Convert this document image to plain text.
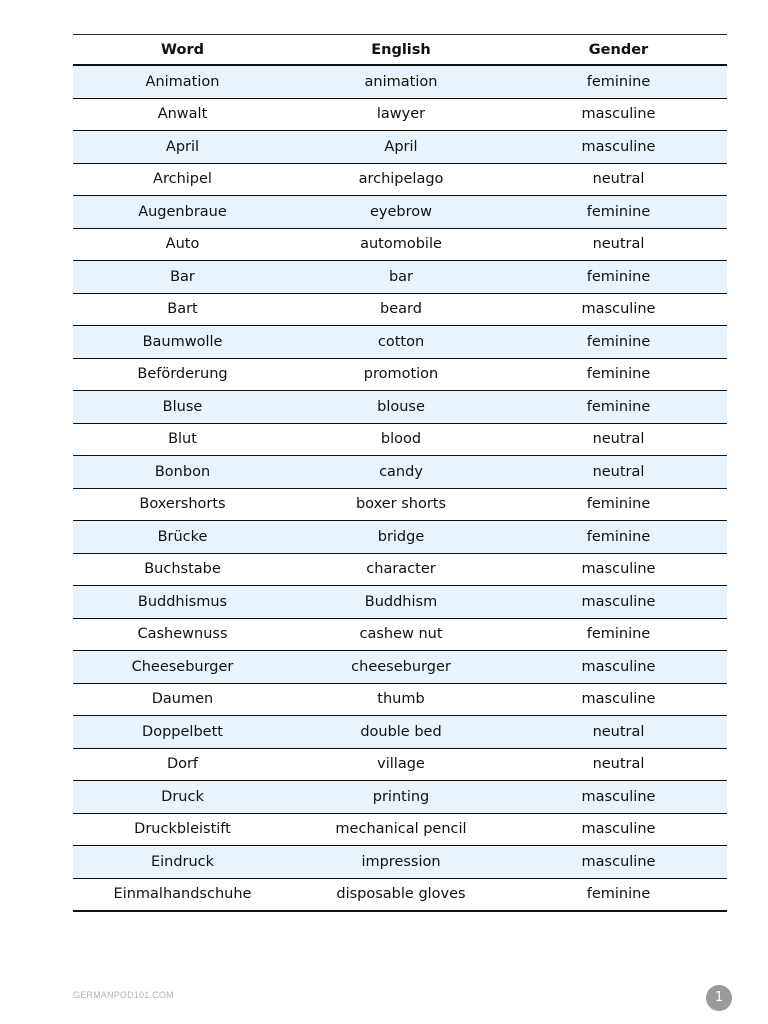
Word	English	Gender
Animation	animation	feminine
Anwalt	lawyer	masculine
April	April	masculine
Archipel	archipelago	neutral
Augenbraue	eyebrow	feminine
Auto	automobile	neutral
Bar	bar	feminine
Bart	beard	masculine
Baumwolle	cotton	feminine
Beförderung	promotion	feminine
Bluse	blouse	feminine
Blut	blood	neutral
Bonbon	candy	neutral
Boxershorts	boxer shorts	feminine
Brücke	bridge	feminine
Buchstabe	character	masculine
Buddhismus	Buddhism	masculine
Cashewnuss	cashew nut	feminine
Cheeseburger	cheeseburger	masculine
Daumen	thumb	masculine
Doppelbett	double bed	neutral
Dorf	village	neutral
Druck	printing	masculine
Druckbleistift	mechanical pencil	masculine
Eindruck	impression	masculine
Einmalhandschuhe	disposable gloves	feminine
GERMANPOD101.COM	1
